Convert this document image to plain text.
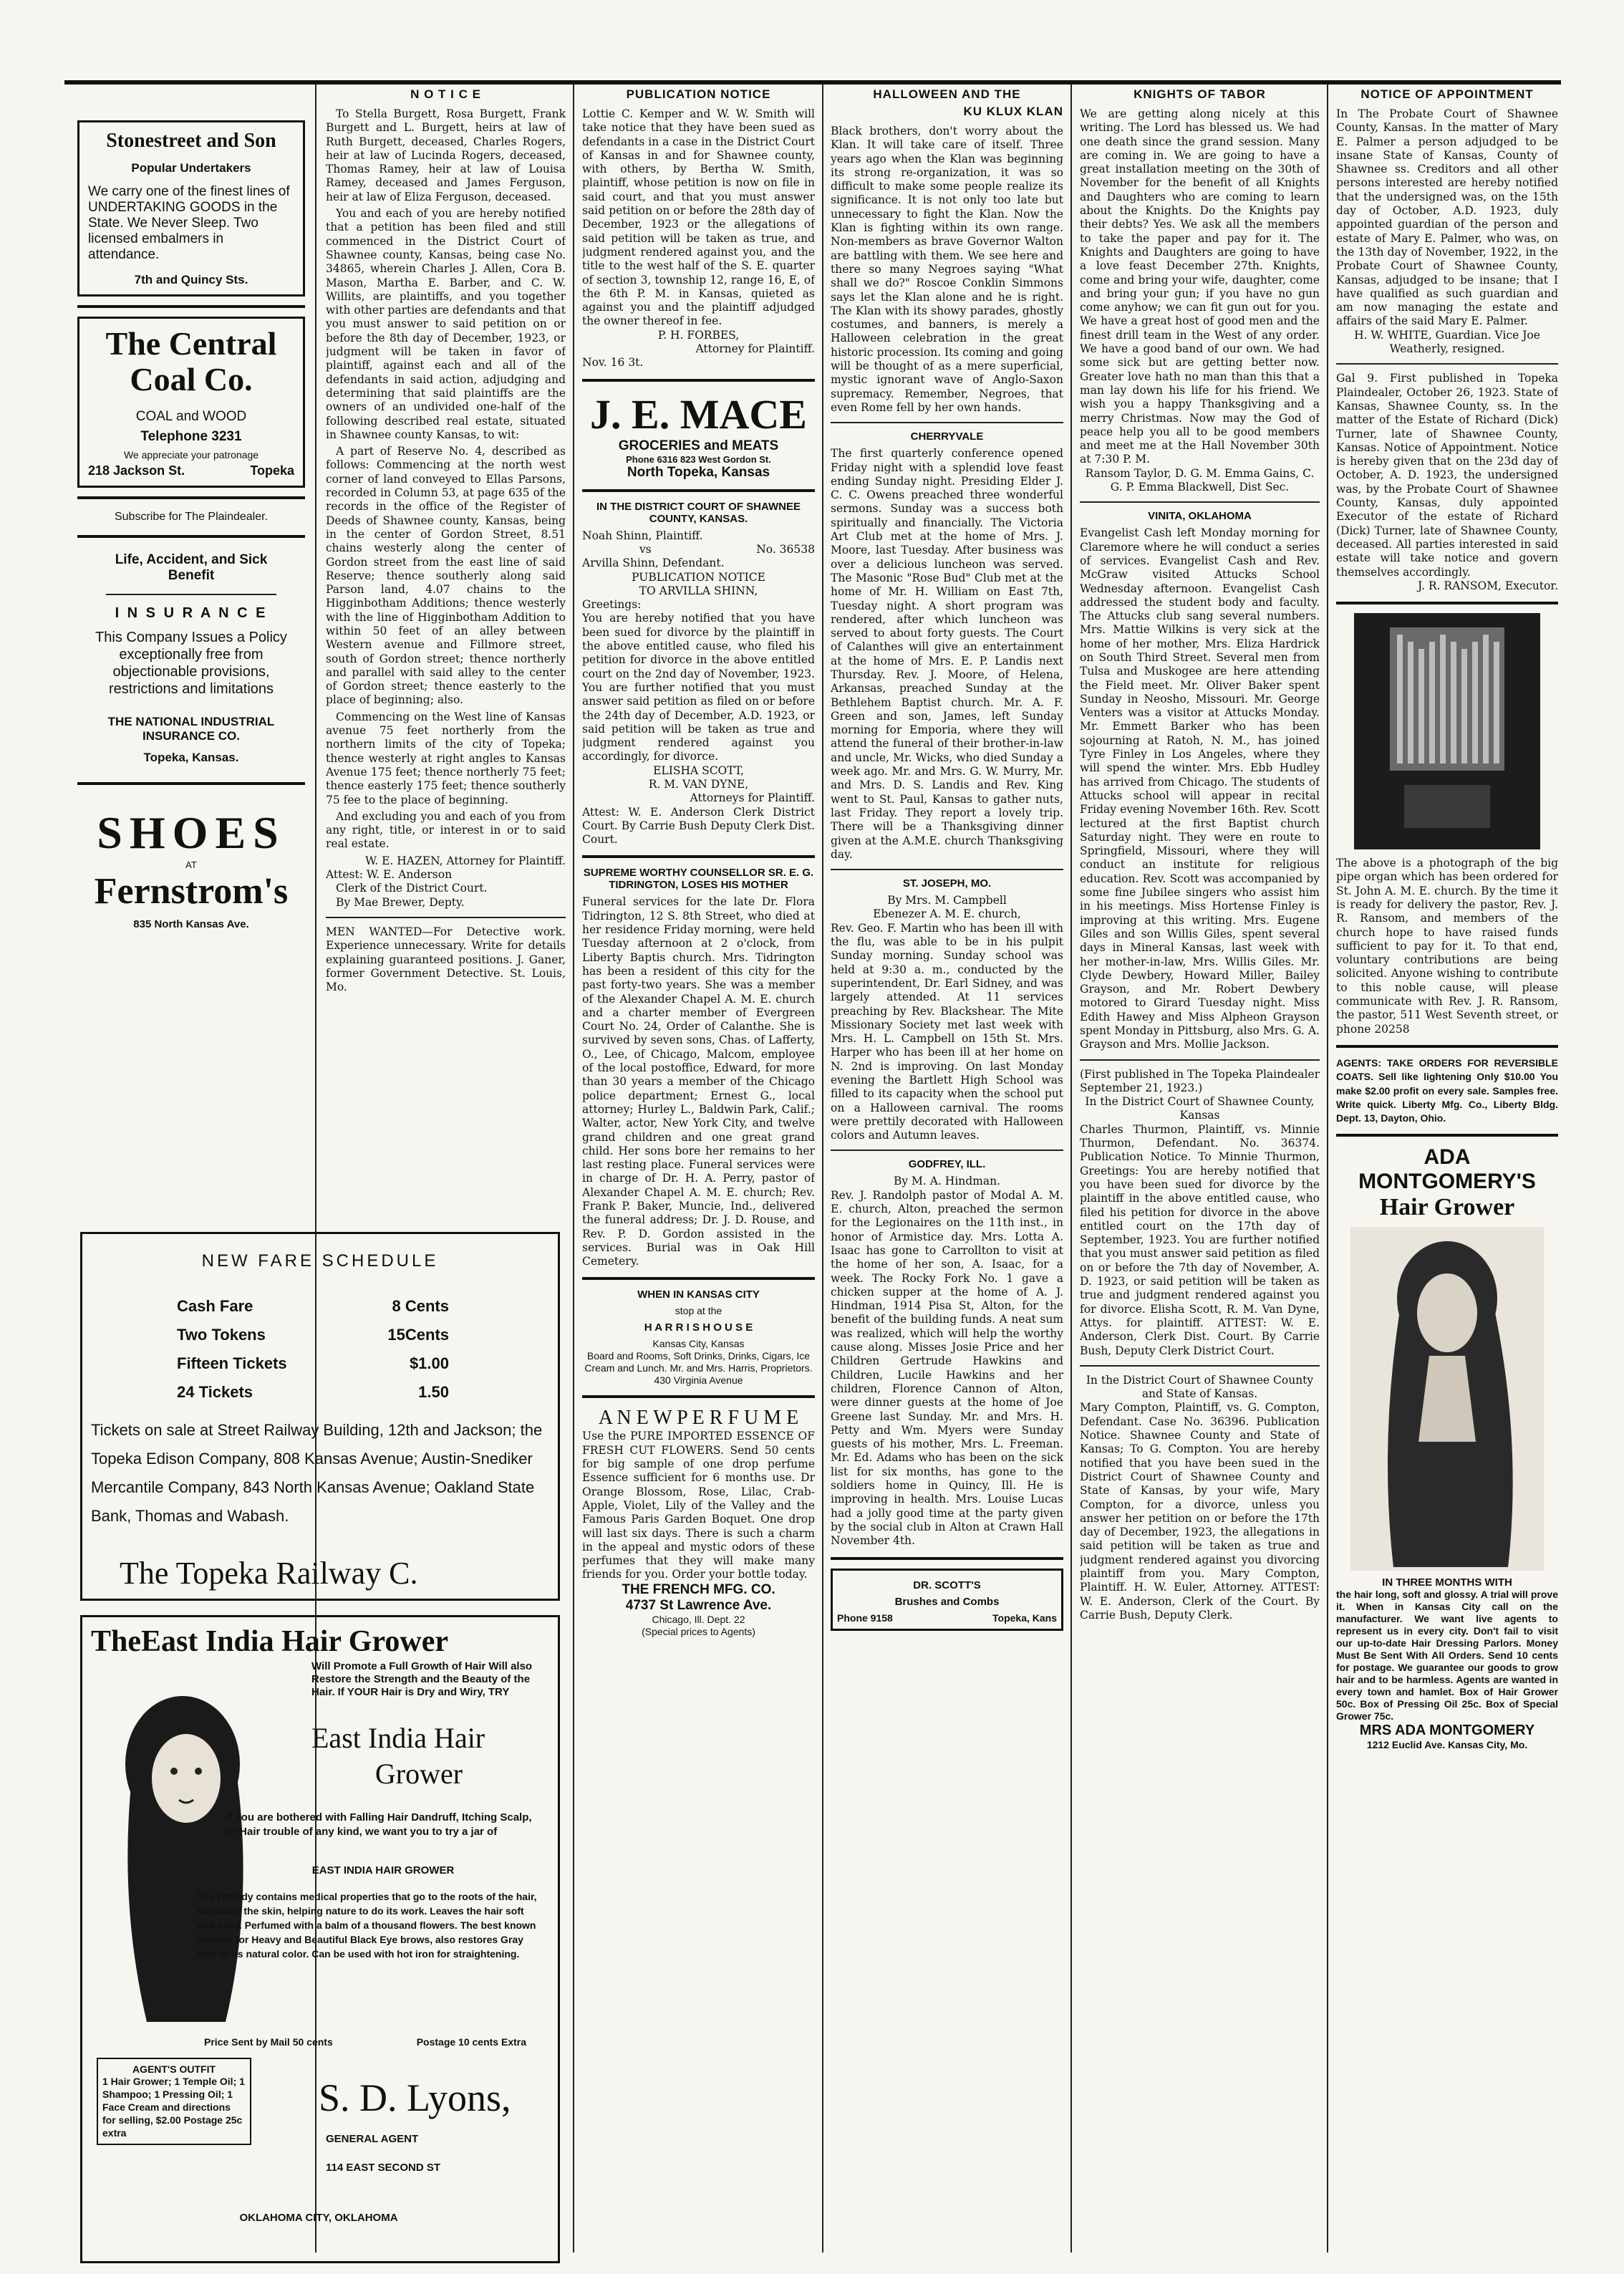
Stonestreet and Son
Popular Undertakers
We carry one of the finest lines of UNDERTAKING GOODS in the State. We Never Sleep. Two licensed embalmers in attendance.
7th and Quincy Sts.
The Central
Coal Co.
COAL and WOOD
Telephone 3231
We appreciate your patronage
218 Jackson St.	Topeka
Subscribe for The Plaindealer.
Life, Accident, and Sick
Benefit
I N S U R A N C E
This Company Issues a Policy exceptionally free from objectionable provisions, restrictions and limitations
THE NATIONAL INDUSTRIAL INSURANCE CO.
Topeka, Kansas.
SHOES
AT
Fernstrom's
835 North Kansas Ave.
N O T I C E

To Stella Burgett, Rosa Burgett, Frank Burgett and L. Burgett, heirs at law of Ruth Burgett, deceased, Charles Rogers, heir at law of Lucinda Rogers, deceased, Thomas Ramey, heir at law of Louisa Ramey, deceased and James Ferguson, heir at law of Eliza Ferguson, deceased.

You and each of you are hereby notified that a petition has been filed and still commenced in the District Court of Shawnee county, Kansas, being case No. 34865, wherein Charles J. Allen, Cora B. Mason, Martha E. Barber, and C. W. Willits, are plaintiffs, and you together with other parties are defendants and that you must answer to said petition on or before the 8th day of December, 1923, or judgment will be taken in favor of plaintiff, against each and all of the defendants in said action, adjudging and determining that said plaintiffs are the owners of an undivided one-half of the following described real estate, situated in Shawnee county Kansas, to wit:

A part of Reserve No. 4, described as follows: Commencing at the north west corner of land conveyed to Ellas Parsons, recorded in Column 53, at page 635 of the records in the office of the Register of Deeds of Shawnee county, Kansas, being in the center of Gordon Street, 8.51 chains westerly along the center of Gordon street from the east line of said Reserve; thence southerly along said Parson land, 4.07 chains to the Higginbotham Additions; thence westerly with the line of Higginbotham Addition to within 50 feet of an alley between Western avenue and Fillmore street, south of Gordon street; thence northerly and parallel with said alley to the center of Gordon street; thence easterly to the place of beginning; also.

Commencing on the West line of Kansas avenue 75 feet northerly from the northern limits of the city of Topeka; thence westerly at right angles to Kansas Avenue 175 feet; thence northerly 75 feet; thence easterly 175 feet; thence southerly 75 fee to the place of beginning.

And excluding you and each of you from any right, title, or interest in or to said real estate.

W. E. HAZEN, Attorney for Plaintiff.
Attest: W. E. Anderson
Clerk of the District Court.
By Mae Brewer, Depty.
MEN WANTED—For Detective work. Experience unnecessary. Write for details explaining guaranteed positions. J. Ganer, former Government Detective. St. Louis, Mo.
NEW FARE SCHEDULE
Cash Fare	8 Cents
Two Tokens	15Cents
Fifteen Tickets	$1.00
24 Tickets	1.50
Tickets on sale at Street Railway Building, 12th and Jackson; the Topeka Edison Company, 808 Kansas Avenue; Austin-Snediker Mercantile Company, 843 North Kansas Avenue; Oakland State Bank, Thomas and Wabash.
The Topeka Railway C.
TheEast India Hair Grower
Will Promote a Full Growth of Hair Will also Restore the Strength and the Beauty of the Hair. If YOUR Hair is Dry and Wiry, TRY
East India Hair
Grower
If you are bothered with Falling Hair Dandruff, Itching Scalp, or Hair trouble of any kind, we want you to try a jar of
EAST INDIA HAIR GROWER
The remedy contains medical properties that go to the roots of the hair, stimulate the skin, helping nature to do its work. Leaves the hair soft and silky. Perfumed with a balm of a thousand flowers. The best known remedy for Heavy and Beautiful Black Eye brows, also restores Gray Hair to its natural color. Can be used with hot iron for straightening.
Price Sent by Mail 50 cents	Postage 10 cents Extra
AGENT'S OUTFIT
1 Hair Grower; 1 Temple Oil; 1 Shampoo; 1 Pressing Oil; 1 Face Cream and directions for selling, $2.00 Postage 25c extra
S. D. Lyons,
GENERAL AGENT
114 EAST SECOND ST
OKLAHOMA CITY, OKLAHOMA
PUBLICATION NOTICE
Lottie C. Kemper and W. W. Smith will take notice that they have been sued as defendants in a case in the District Court of Kansas in and for Shawnee county, with others, by Bertha W. Smith, plaintiff, whose petition is now on file in said court, and that you must answer said petition on or before the 28th day of December, 1923 or the allegations of said petition will be taken as true, and judgment rendered against you, and the title to the west half of the S. E. quarter of section 3, township 12, range 16, E, of the 6th P. M. in Kansas, quieted as against you and the plaintiff adjudged the owner thereof in fee.
P. H. FORBES,
Attorney for Plaintiff.
Nov. 16 3t.
J. E. MACE
GROCERIES and MEATS
Phone 6316 823 West Gordon St.
North Topeka, Kansas
IN THE DISTRICT COURT OF SHAWNEE COUNTY, KANSAS.
Noah Shinn, Plaintiff.
vs	No. 36538
Arvilla Shinn, Defendant.
PUBLICATION NOTICE
TO ARVILLA SHINN,
Greetings:
You are hereby notified that you have been sued for divorce by the plaintiff in the above entitled cause, who filed his petition for divorce in the above entitled court on the 2nd day of November, 1923. You are further notified that you must answer said petition as filed on or before the 24th day of December, A.D. 1923, or said petition will be taken as true and judgment rendered against you accordingly, for divorce.
ELISHA SCOTT,
R. M. VAN DYNE,
Attorneys for Plaintiff.
Attest: W. E. Anderson Clerk District Court. By Carrie Bush Deputy Clerk Dist. Court.
SUPREME WORTHY COUNSELLOR SR. E. G. TIDRINGTON, LOSES HIS MOTHER
Funeral services for the late Dr. Flora Tidrington, 12 S. 8th Street, who died at her residence Friday morning, were held Tuesday afternoon at 2 o'clock, from Liberty Baptis church. Mrs. Tidrington has been a resident of this city for the past forty-two years. She was a member of the Alexander Chapel A. M. E. church and a charter member of Evergreen Court No. 24, Order of Calanthe. She is survived by seven sons, Chas. of Lafferty, O., Lee, of Chicago, Malcom, employee of the local postoffice, Edward, for more than 30 years a member of the Chicago police department; Ernest G., local attorney; Hurley L., Baldwin Park, Calif.; Walter, actor, New York City, and twelve grand children and one great grand child. Her sons bore her remains to her last resting place. Funeral services were in charge of Dr. H. A. Perry, pastor of Alexander Chapel A. M. E. church; Rev. Frank P. Baker, Muncie, Ind., delivered the funeral address; Dr. J. D. Rouse, and Rev. P. D. Gordon assisted in the services. Burial was in Oak Hill Cemetery.
WHEN IN KANSAS CITY
stop at the
H A R R I S H O U S E
Kansas City, Kansas
Board and Rooms, Soft Drinks, Drinks, Cigars, Ice Cream and Lunch. Mr. and Mrs. Harris, Proprietors. 430 Virginia Avenue
A N E W P E R F U M E
Use the PURE IMPORTED ESSENCE OF FRESH CUT FLOWERS. Send 50 cents for big sample of one drop perfume Essence sufficient for 6 months use. Dr Orange Blossom, Rose, Lilac, Crab-Apple, Violet, Lily of the Valley and the Famous Paris Garden Boquet. One drop will last six days. There is such a charm in the appeal and mystic odors of these perfumes that they will make many friends for you. Order your bottle today.
THE FRENCH MFG. CO.
4737 St Lawrence Ave.
Chicago, Ill. Dept. 22
(Special prices to Agents)
HALLOWEEN AND THE
KU KLUX KLAN
Black brothers, don't worry about the Klan. It will take care of itself. Three years ago when the Klan was beginning its strong re-organization, it was so difficult to make some people realize its significance. It is not only too late but unnecessary to fight the Klan. Now the Klan is fighting within its own range. Non-members as brave Governor Walton are battling with them. We see here and there so many Negroes saying "What shall we do?" Roscoe Conklin Simmons says let the Klan alone and he is right. The Klan with its showy parades, ghostly costumes, and banners, is merely a Halloween celebration in the great historic procession. Its coming and going will be thought of as a mere superficial, mystic ignorant wave of Anglo-Saxon supremacy. Remember, Negroes, that even Rome fell by her own hands.
CHERRYVALE
The first quarterly conference opened Friday night with a splendid love feast ending Sunday night. Presiding Elder J. C. C. Owens preached three wonderful sermons. Sunday was a success both spiritually and financially. The Victoria Art Club met at the home of Mrs. J. Moore, last Tuesday. After business was over a delicious luncheon was served. The Masonic "Rose Bud" Club met at the home of Mr. H. William on East 7th, Tuesday night. A short program was rendered, after which luncheon was served to about forty guests. The Court of Calanthes will give an entertainment at the home of Mrs. E. P. Landis next Thursday. Rev. J. Moore, of Helena, Arkansas, preached Sunday at the Bethlehem Baptist church. Mr. A. F. Green and son, James, left Sunday morning for Emporia, where they will attend the funeral of their brother-in-law and uncle, Mr. Wicks, who died Sunday a week ago. Mr. and Mrs. G. W. Murry, Mr. and Mrs. D. S. Landis and Rev. King went to St. Paul, Kansas to gather nuts, last Friday. They report a lovely trip. There will be a Thanksgiving dinner given at the A.M.E. church Thanksgiving day.
ST. JOSEPH, MO.
By Mrs. M. Campbell
Ebenezer A. M. E. church,
Rev. Geo. F. Martin who has been ill with the flu, was able to be in his pulpit Sunday morning. Sunday school was held at 9:30 a. m., conducted by the superintendent, Dr. Earl Sidney, and was largely attended. At 11 services preaching by Rev. Blackshear. The Mite Missionary Society met last week with Mrs. H. L. Campbell on 15th St. Mrs. Harper who has been ill at her home on N. 2nd is improving. On last Monday evening the Bartlett High School was filled to its capacity when the school put on a Halloween carnival. The rooms were prettily decorated with Halloween colors and Autumn leaves.
GODFREY, ILL.
By M. A. Hindman.
Rev. J. Randolph pastor of Modal A. M. E. church, Alton, preached the sermon for the Legionaires on the 11th inst., in honor of Armistice day. Mrs. Lotta A. Isaac has gone to Carrollton to visit at the home of her son, A. Isaac, for a week. The Rocky Fork No. 1 gave a chicken supper at the home of A. J. Hindman, 1914 Pisa St, Alton, for the benefit of the building funds. A neat sum was realized, which will help the worthy cause along. Misses Josie Price and her Children Gertrude Hawkins and Children, Lucile Hawkins and her children, Florence Cannon of Alton, were dinner guests at the home of Joe Greene last Sunday. Mr. and Mrs. H. Petty and Wm. Myers were Sunday guests of his mother, Mrs. L. Freeman. Mr. Ed. Adams who has been on the sick list for six months, has gone to the soldiers home in Quincy, Ill. He is improving in health. Mrs. Louise Lucas had a jolly good time at the party given by the social club in Alton at Crawn Hall November 4th.
DR. SCOTT'S
Brushes and Combs
Phone 9158	Topeka, Kans
KNIGHTS OF TABOR
We are getting along nicely at this writing. The Lord has blessed us. We had one death since the grand session. Many are coming in. We are going to have a great installation meeting on the 30th of November for the benefit of all Knights and Daughters who are coming to learn about the Knights. Do the Knights pay their debts? Yes. We ask all the members to take the paper and pay for it. The Knights and Daughters are going to have a love feast December 27th. Knights, come and bring your wife, daughter, come and bring your gun; if you have no gun come anyhow; we can fit gun out for you. We have a great host of good men and the finest drill team in the West of any order. We have a good band of our own. We had some sick but are getting better now. Greater love hath no man than this that a man lay down his life for his friend. We wish you a happy Thanksgiving and a merry Christmas. Now may the God of peace help you all to be good members and meet me at the Hall November 30th at 7:30 P. M.
Ransom Taylor, D. G. M. Emma Gains, C. G. P. Emma Blackwell, Dist Sec.
VINITA, OKLAHOMA
Evangelist Cash left Monday morning for Claremore where he will conduct a series of services. Evangelist Cash and Rev. McGraw visited Attucks School Wednesday afternoon. Evangelist Cash addressed the student body and faculty. The Attucks club sang several numbers. Mrs. Mattie Wilkins is very sick at the home of her mother, Mrs. Eliza Hardrick on South Third Street. Several men from Tulsa and Muskogee are here attending the Field meet. Mr. Oliver Baker spent Sunday in Neosho, Missouri. Mr. George Venters was a visitor at Attucks Monday. Mr. Emmett Barker who has been sojourning at Ratoh, N. M., has joined Tyre Finley in Los Angeles, where they will spend the winter. Mrs. Ebb Hudley has arrived from Chicago. The students of Attucks school will appear in recital Friday evening November 16th. Rev. Scott lectured at the first Baptist church Saturday night. They were en route to Springfield, Missouri, where they will conduct an institute for religious education. Rev. Scott was accompanied by some fine Jubilee singers who assist him in his meetings. Miss Hortense Finley is improving at this writing. Mrs. Eugene Giles and son Willis Giles, spent several days in Mineral Kansas, last week with her mother-in-law, Mrs. Willis Giles. Mr. Clyde Dewbery, Howard Miller, Bailey Grayson, and Mr. Robert Dewbery motored to Girard Tuesday night. Miss Edith Hawey and Miss Alpheon Grayson spent Monday in Pittsburg, also Mrs. G. A. Grayson and Mrs. Mollie Jackson.
(First published in The Topeka Plaindealer September 21, 1923.)
In the District Court of Shawnee County, Kansas
Charles Thurmon, Plaintiff, vs. Minnie Thurmon, Defendant. No. 36374. Publication Notice. To Minnie Thurmon, Greetings: You are hereby notified that you have been sued for divorce by the plaintiff in the above entitled cause, who filed his petition for divorce in the above entitled court on the 17th day of September, 1923. You are further notified that you must answer said petition as filed on or before the 7th day of November, A. D. 1923, or said petition will be taken as true and judgment rendered against you for divorce. Elisha Scott, R. M. Van Dyne, Attys. for plaintiff. ATTEST: W. E. Anderson, Clerk Dist. Court. By Carrie Bush, Deputy Clerk District Court.
In the District Court of Shawnee County and State of Kansas.
Mary Compton, Plaintiff, vs. G. Compton, Defendant. Case No. 36396. Publication Notice. Shawnee County and State of Kansas; To G. Compton. You are hereby notified that you have been sued in the District Court of Shawnee County and State of Kansas, by your wife, Mary Compton, for a divorce, unless you answer her petition on or before the 17th day of December, 1923, the allegations in said petition will be taken as true and judgment rendered against you divorcing plaintiff from you. Mary Compton, Plaintiff. H. W. Euler, Attorney. ATTEST: W. E. Anderson, Clerk of the Court. By Carrie Bush, Deputy Clerk.
NOTICE OF APPOINTMENT
In The Probate Court of Shawnee County, Kansas. In the matter of Mary E. Palmer a person adjudged to be insane State of Kansas, County of Shawnee ss. Creditors and all other persons interested are hereby notified that the undersigned was, on the 15th day of October, A.D. 1923, duly appointed guardian of the person and estate of Mary E. Palmer, who was, on the 13th day of November, 1922, in the Probate Court of Shawnee County, Kansas, adjudged to be insane; that I have qualified as such guardian and am now managing the estate and affairs of the said Mary E. Palmer.
H. W. WHITE, Guardian. Vice Joe Weatherly, resigned.
Gal 9. First published in Topeka Plaindealer, October 26, 1923. State of Kansas, Shawnee County, ss. In the matter of the Estate of Richard (Dick) Turner, late of Shawnee County, Kansas. Notice of Appointment. Notice is hereby given that on the 23d day of October, A. D. 1923, the undersigned was, by the Probate Court of Shawnee County, Kansas, duly appointed Executor of the estate of Richard (Dick) Turner, late of Shawnee County, deceased. All parties interested in said estate will take notice and govern themselves accordingly.
J. R. RANSOM, Executor.
The above is a photograph of the big pipe organ which has been ordered for St. John A. M. E. church. By the time it is ready for delivery the pastor, Rev. J. R. Ransom, and members of the church hope to have raised funds sufficient to pay for it. To that end, voluntary contributions are being solicited. Anyone wishing to contribute to this noble cause, will please communicate with Rev. J. R. Ransom, the pastor, 511 West Seventh street, or phone 20258
AGENTS: TAKE ORDERS FOR REVERSIBLE COATS. Sell like lightening Only $10.00 You make $2.00 profit on every sale. Samples free. Write quick. Liberty Mfg. Co., Liberty Bldg. Dept. 13, Dayton, Ohio.
ADA MONTGOMERY'S
Hair Grower
IN THREE MONTHS WITH
the hair long, soft and glossy. A trial will prove it. When in Kansas City call on the manufacturer. We want live agents to represent us in every city. Don't fail to visit our up-to-date Hair Dressing Parlors. Money Must Be Sent With All Orders. Send 10 cents for postage. We guarantee our goods to grow hair and to be harmless. Agents are wanted in every town and hamlet. Box of Hair Grower 50c. Box of Pressing Oil 25c. Box of Special Grower 75c.
MRS ADA MONTGOMERY
1212 Euclid Ave. Kansas City, Mo.
